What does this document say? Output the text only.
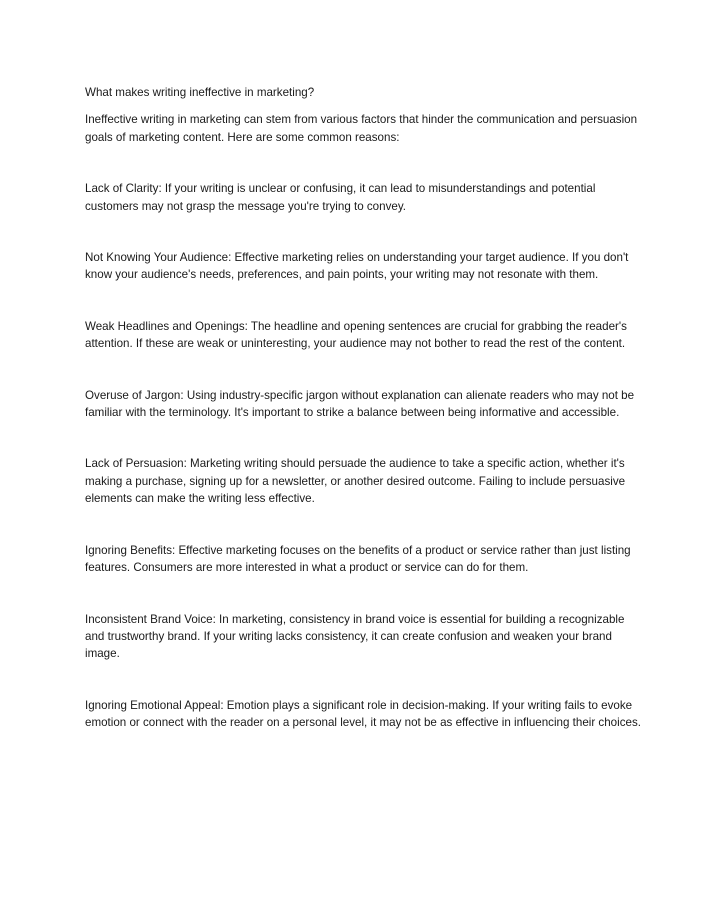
What makes writing ineffective in marketing?

Ineffective writing in marketing can stem from various factors that hinder the communication and persuasion goals of marketing content. Here are some common reasons:

Lack of Clarity: If your writing is unclear or confusing, it can lead to misunderstandings and potential customers may not grasp the message you're trying to convey.

Not Knowing Your Audience: Effective marketing relies on understanding your target audience. If you don't know your audience's needs, preferences, and pain points, your writing may not resonate with them.

Weak Headlines and Openings: The headline and opening sentences are crucial for grabbing the reader's attention. If these are weak or uninteresting, your audience may not bother to read the rest of the content.

Overuse of Jargon: Using industry-specific jargon without explanation can alienate readers who may not be familiar with the terminology. It's important to strike a balance between being informative and accessible.

Lack of Persuasion: Marketing writing should persuade the audience to take a specific action, whether it's making a purchase, signing up for a newsletter, or another desired outcome. Failing to include persuasive elements can make the writing less effective.

Ignoring Benefits: Effective marketing focuses on the benefits of a product or service rather than just listing features. Consumers are more interested in what a product or service can do for them.

Inconsistent Brand Voice: In marketing, consistency in brand voice is essential for building a recognizable and trustworthy brand. If your writing lacks consistency, it can create confusion and weaken your brand image.

Ignoring Emotional Appeal: Emotion plays a significant role in decision-making. If your writing fails to evoke emotion or connect with the reader on a personal level, it may not be as effective in influencing their choices.
